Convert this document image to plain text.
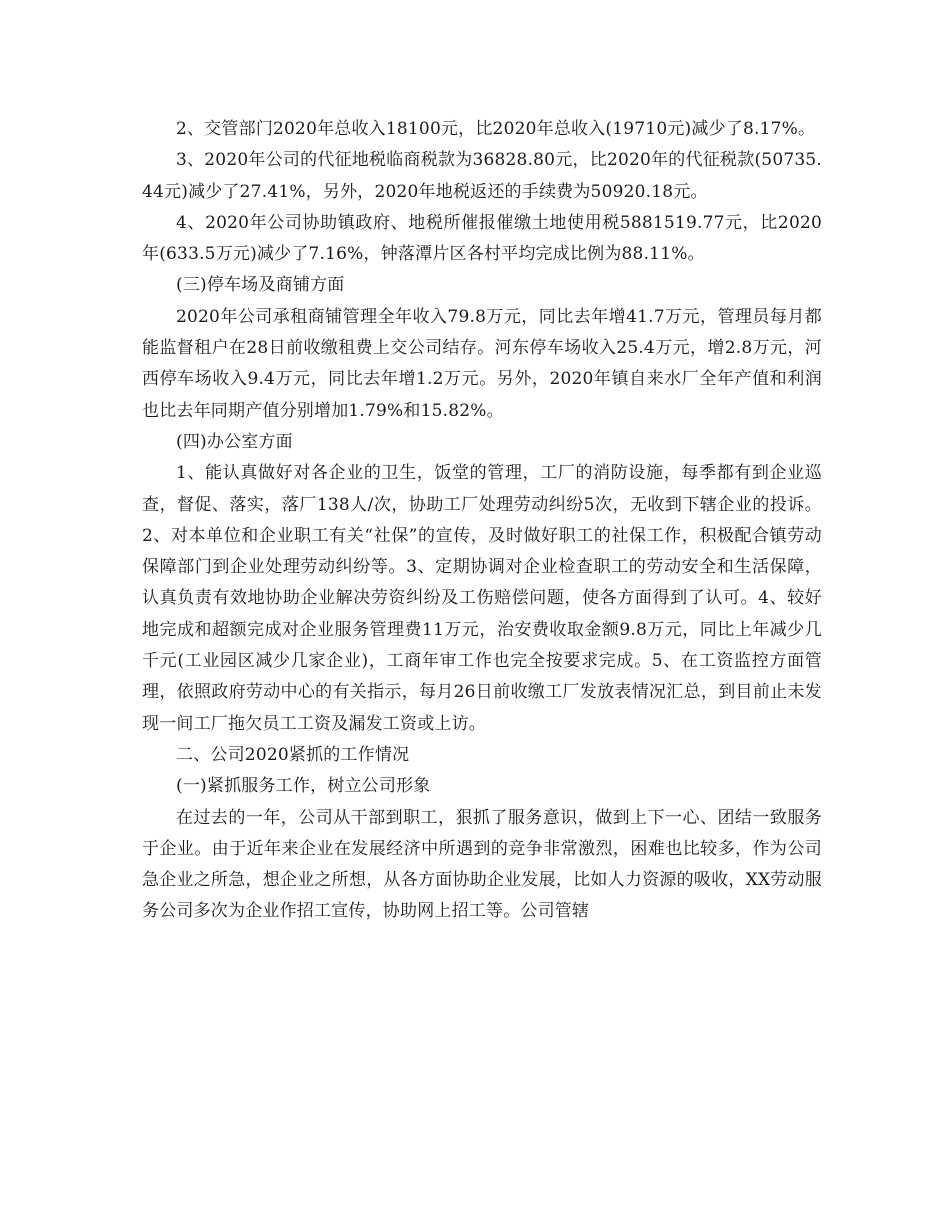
2、交管部门2020年总收入18100元，比2020年总收入(19710元)减少了8.17%。

3、2020年公司的代征地税临商税款为36828.80元，比2020年的代征税款(50735.44元)减少了27.41%，另外，2020年地税返还的手续费为50920.18元。

4、2020年公司协助镇政府、地税所催报催缴土地使用税5881519.77元，比2020年(633.5万元)减少了7.16%，钟落潭片区各村平均完成比例为88.11%。

(三)停车场及商铺方面

2020年公司承租商铺管理全年收入79.8万元，同比去年增41.7万元，管理员每月都能监督租户在28日前收缴租费上交公司结存。河东停车场收入25.4万元，增2.8万元，河西停车场收入9.4万元，同比去年增1.2万元。另外，2020年镇自来水厂全年产值和利润也比去年同期产值分别增加1.79%和15.82%。

(四)办公室方面

1、能认真做好对各企业的卫生，饭堂的管理，工厂的消防设施，每季都有到企业巡查，督促、落实，落厂138人/次，协助工厂处理劳动纠纷5次，无收到下辖企业的投诉。2、对本单位和企业职工有关“社保”的宣传，及时做好职工的社保工作，积极配合镇劳动保障部门到企业处理劳动纠纷等。3、定期协调对企业检查职工的劳动安全和生活保障，认真负责有效地协助企业解决劳资纠纷及工伤赔偿问题，使各方面得到了认可。4、较好地完成和超额完成对企业服务管理费11万元，治安费收取金额9.8万元，同比上年减少几千元(工业园区减少几家企业)，工商年审工作也完全按要求完成。5、在工资监控方面管理，依照政府劳动中心的有关指示，每月26日前收缴工厂发放表情况汇总，到目前止未发现一间工厂拖欠员工工资及漏发工资或上访。

二、公司2020紧抓的工作情况

(一)紧抓服务工作，树立公司形象

在过去的一年，公司从干部到职工，狠抓了服务意识，做到上下一心、团结一致服务于企业。由于近年来企业在发展经济中所遇到的竞争非常激烈，困难也比较多，作为公司急企业之所急，想企业之所想，从各方面协助企业发展，比如人力资源的吸收，XX劳动服务公司多次为企业作招工宣传，协助网上招工等。公司管辖
